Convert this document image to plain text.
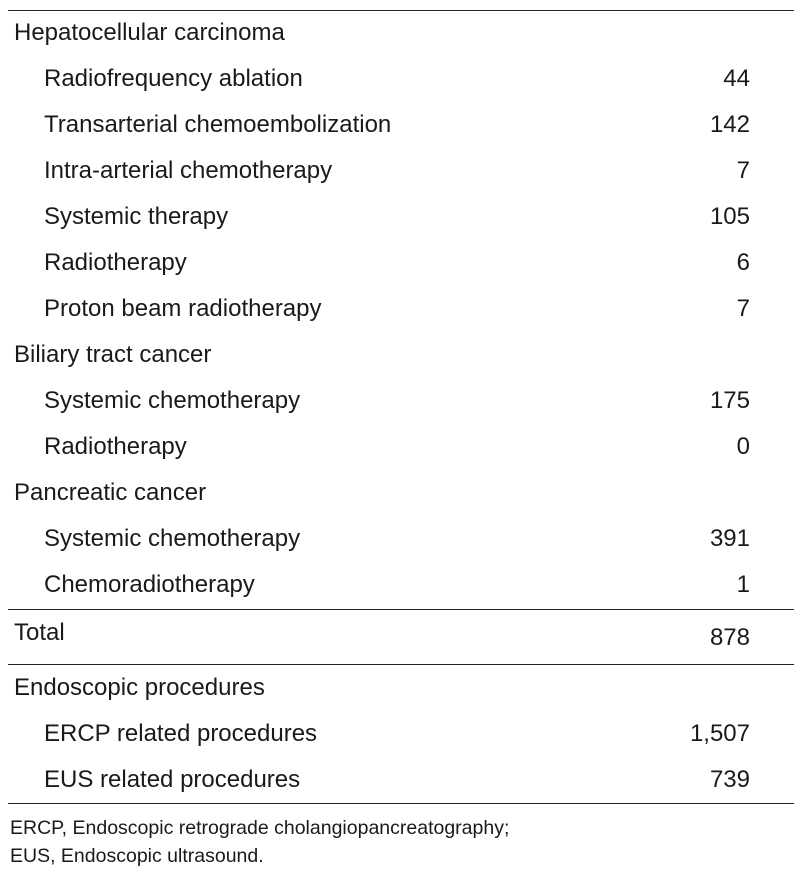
Hepatocellular carcinoma
Radiofrequency ablation	44
Transarterial chemoembolization	142
Intra-arterial chemotherapy	7
Systemic therapy	105
Radiotherapy	6
Proton beam radiotherapy	7
Biliary tract cancer
Systemic chemotherapy	175
Radiotherapy	0
Pancreatic cancer
Systemic chemotherapy	391
Chemoradiotherapy	1
Total	878
Endoscopic procedures
ERCP related procedures	1,507
EUS related procedures	739
ERCP, Endoscopic retrograde cholangiopancreatography;
EUS, Endoscopic ultrasound.
